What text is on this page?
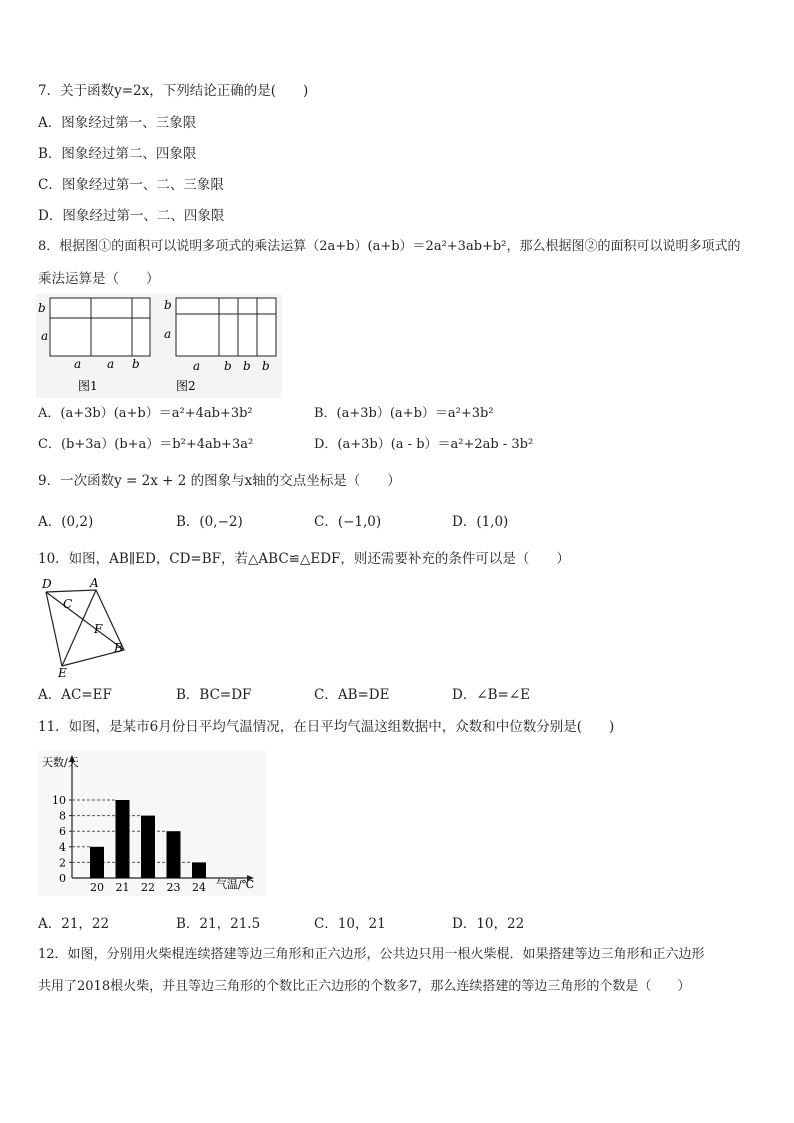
7．关于函数y=2x，下列结论正确的是(　　)
A．图象经过第一、三象限
B．图象经过第二、四象限
C．图象经过第一、二、三象限
D．图象经过第一、二、四象限
8．根据图①的面积可以说明多项式的乘法运算（2a+b）(a+b）＝2a²+3ab+b²，那么根据图②的面积可以说明多项式的
乘法运算是（　　）
b
a
a a b
图1
b
a
a b b b
图2
A．(a+3b）(a+b）＝a²+4ab+3b²	B．(a+3b）(a+b）＝a²+3b²
C．(b+3a）(b+a）＝b²+4ab+3a²	D．(a+3b）(a - b）＝a²+2ab - 3b²
9．一次函数y = 2x + 2 的图象与x轴的交点坐标是（　　）
A．(0,2)	B．(0,−2)	C．(−1,0)	D．(1,0)
10．如图，AB∥ED，CD=BF，若△ABC≌△EDF，则还需要补充的条件可以是（　　）
D	A
C
F
B
E
A．AC=EF	B．BC=DF	C．AB=DE	D．∠B=∠E
11．如图，是某市6月份日平均气温情况，在日平均气温这组数据中，众数和中位数分别是(　　)
0
2
4
6
8
10
20 21 22 23 24
天数/天
气温/℃
A．21，22	B．21，21.5	C．10，21	D．10，22
12．如图，分别用火柴棍连续搭建等边三角形和正六边形，公共边只用一根火柴棍．如果搭建等边三角形和正六边形
共用了2018根火柴，并且等边三角形的个数比正六边形的个数多7，那么连续搭建的等边三角形的个数是（　　）
